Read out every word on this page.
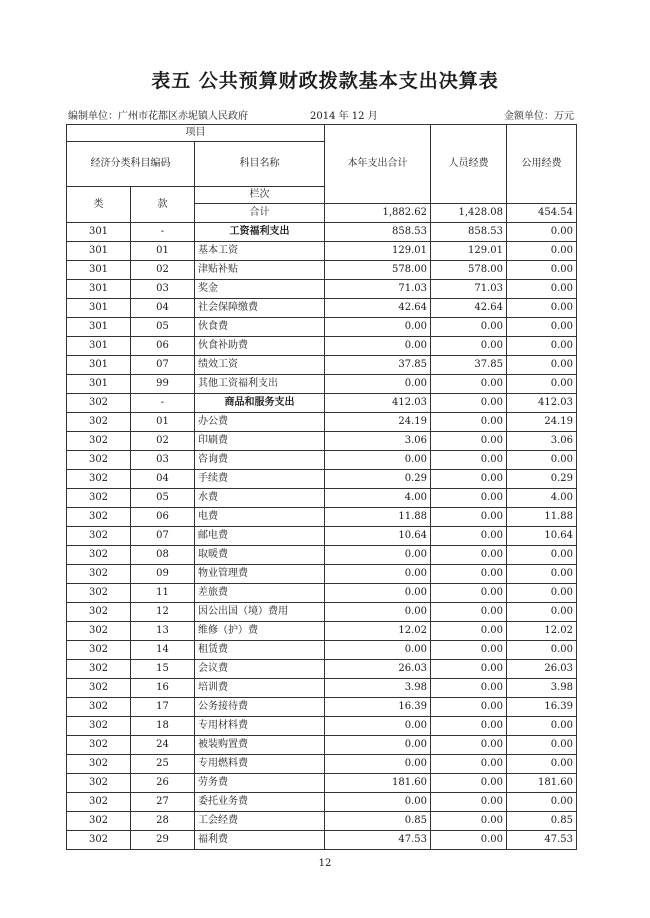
表五 公共预算财政拨款基本支出决算表
编制单位：广州市花都区赤坭镇人民政府	2014 年 12 月	金额单位：万元
项目			本年支出合计	人员经费	公用经费	
经济分类科目编码		科目名称				
类	款	栏次			
		合计	1,882.62	1,428.08	454.54	
301	-	工资福利支出	858.53	858.53	0.00	
301	01	基本工资	129.01	129.01	0.00	
301	02	津贴补贴	578.00	578.00	0.00	
301	03	奖金	71.03	71.03	0.00	
301	04	社会保障缴费	42.64	42.64	0.00	
301	05	伙食费	0.00	0.00	0.00	
301	06	伙食补助费	0.00	0.00	0.00	
301	07	绩效工资	37.85	37.85	0.00	
301	99	其他工资福利支出	0.00	0.00	0.00	
302	-	商品和服务支出	412.03	0.00	412.03	
302	01	办公费	24.19	0.00	24.19	
302	02	印刷费	3.06	0.00	3.06	
302	03	咨询费	0.00	0.00	0.00	
302	04	手续费	0.29	0.00	0.29	
302	05	水费	4.00	0.00	4.00	
302	06	电费	11.88	0.00	11.88	
302	07	邮电费	10.64	0.00	10.64	
302	08	取暖费	0.00	0.00	0.00	
302	09	物业管理费	0.00	0.00	0.00	
302	11	差旅费	0.00	0.00	0.00	
302	12	因公出国（境）费用	0.00	0.00	0.00	
302	13	维修（护）费	12.02	0.00	12.02	
302	14	租赁费	0.00	0.00	0.00	
302	15	会议费	26.03	0.00	26.03	
302	16	培训费	3.98	0.00	3.98	
302	17	公务接待费	16.39	0.00	16.39	
302	18	专用材料费	0.00	0.00	0.00	
302	24	被装购置费	0.00	0.00	0.00	
302	25	专用燃料费	0.00	0.00	0.00	
302	26	劳务费	181.60	0.00	181.60	
302	27	委托业务费	0.00	0.00	0.00	
302	28	工会经费	0.85	0.00	0.85	
302	29	福利费	47.53	0.00	47.53	
12
